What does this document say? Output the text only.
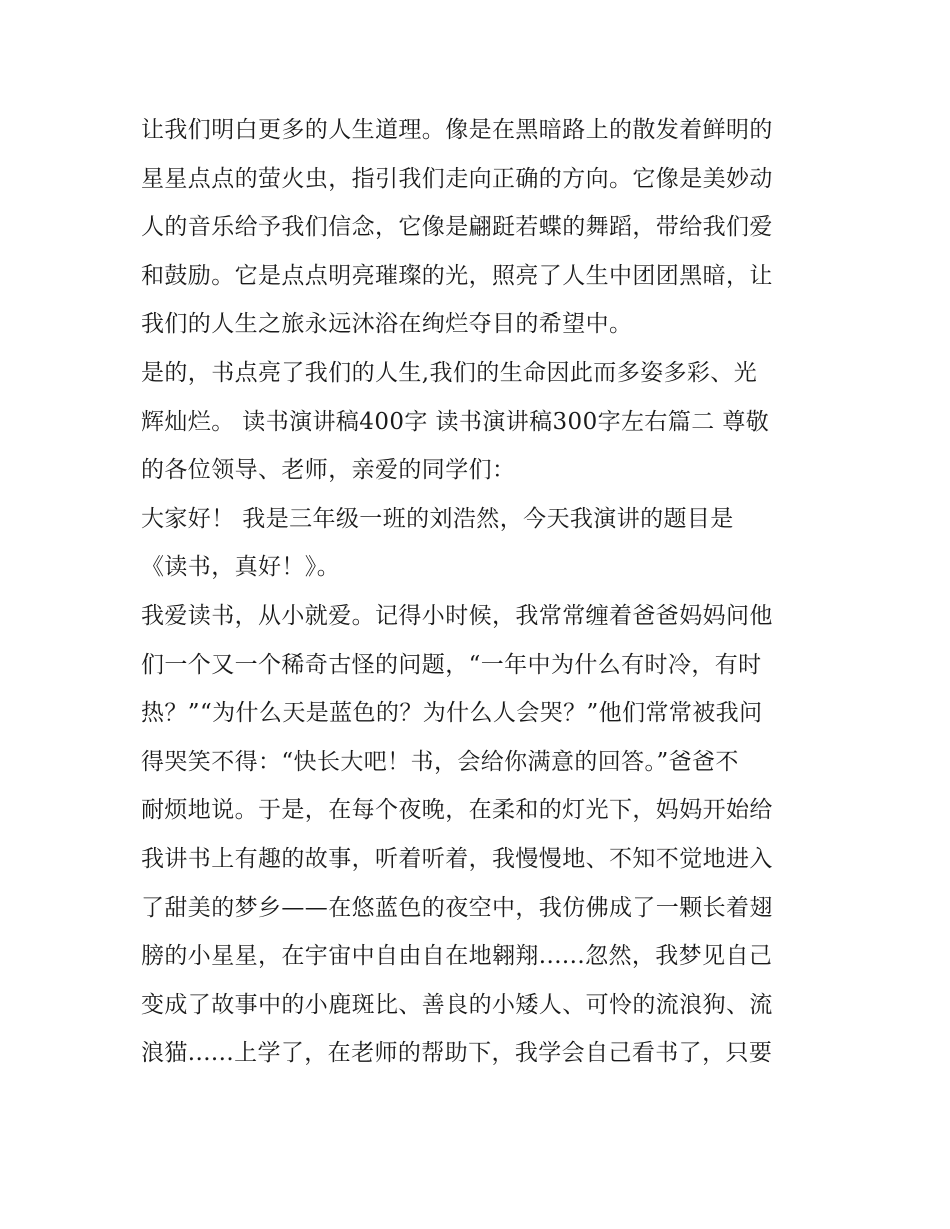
让我们明白更多的人生道理。像是在黑暗路上的散发着鲜明的
星星点点的萤火虫，指引我们走向正确的方向。它像是美妙动
人的音乐给予我们信念，它像是翩跹若蝶的舞蹈，带给我们爱
和鼓励。它是点点明亮璀璨的光，照亮了人生中团团黑暗，让
我们的人生之旅永远沐浴在绚烂夺目的希望中。
是的，书点亮了我们的人生,我们的生命因此而多姿多彩、光
辉灿烂。 读书演讲稿400字 读书演讲稿300字左右篇二 尊敬
的各位领导、老师，亲爱的同学们：
大家好！ 我是三年级一班的刘浩然，今天我演讲的题目是
《读书，真好！》。
我爱读书，从小就爱。记得小时候，我常常缠着爸爸妈妈问他
们一个又一个稀奇古怪的问题，“一年中为什么有时冷，有时
热？”“为什么天是蓝色的？为什么人会哭？”他们常常被我问
得哭笑不得：“快长大吧！书，会给你满意的回答。”爸爸不
耐烦地说。于是，在每个夜晚，在柔和的灯光下，妈妈开始给
我讲书上有趣的故事，听着听着，我慢慢地、不知不觉地进入
了甜美的梦乡——在悠蓝色的夜空中，我仿佛成了一颗长着翅
膀的小星星，在宇宙中自由自在地翱翔......忽然，我梦见自己
变成了故事中的小鹿斑比、善良的小矮人、可怜的流浪狗、流
浪猫......上学了，在老师的帮助下，我学会自己看书了，只要
